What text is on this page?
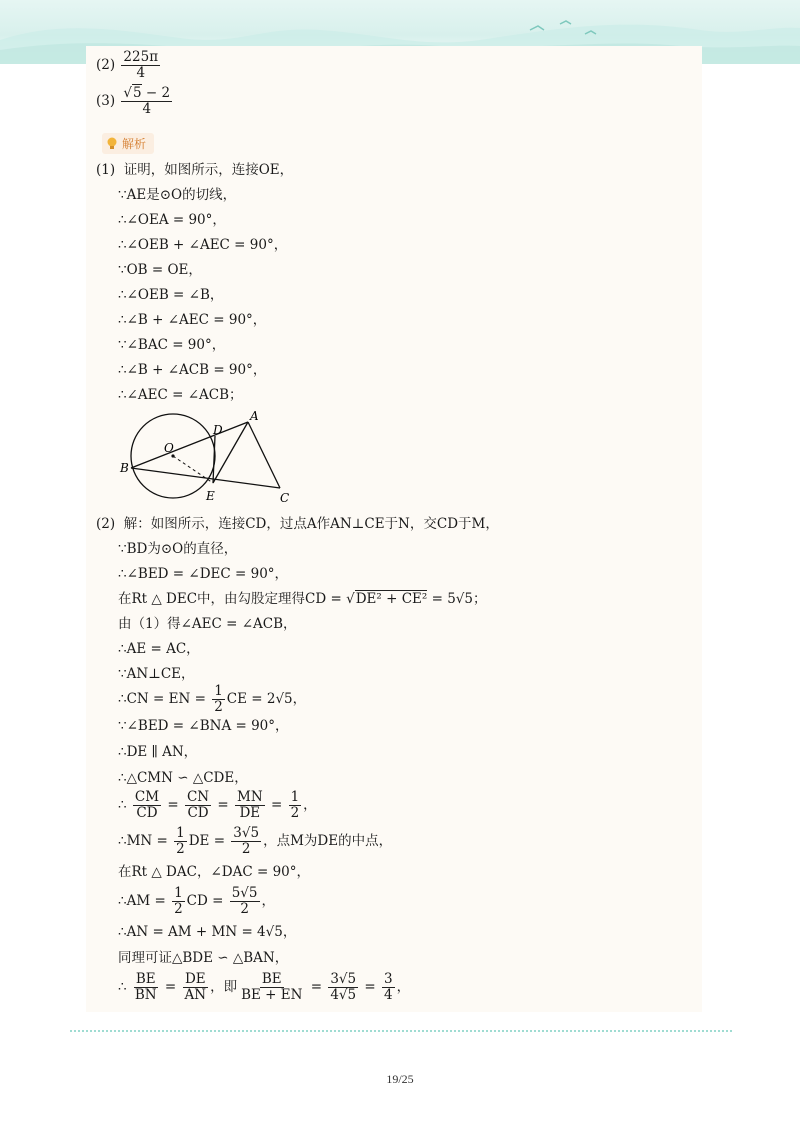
$(2) \frac{225\pi}{4}$
$(3) \frac{√5 - 2}{4}$
解析
(1) 证明，如图所示，连接OE，
∵AE是⊙O的切线，
∴∠OEA = 90°，
∴∠OEB + ∠AEC = 90°，
∵OB = OE，
∴∠OEB = ∠B，
∴∠B + ∠AEC = 90°，
∵∠BAC = 90°，
∴∠B + ∠ACB = 90°，
∴∠AEC = ∠ACB；
A
B
C
D
E
O
(2) 解：如图所示，连接CD，过点A作AN⊥CE于N，交CD于M，
∵BD为⊙O的直径，
∴∠BED = ∠DEC = 90°，
在Rt △ DEC中，由勾股定理得CD = √DE² + CE² = 5√5；
由（1）得∠AEC = ∠ACB，
∴AE = AC，
∵AN⊥CE，
∴CN = EN = $\frac{1}{2}$ CE = 2√5，
∵∠BED = ∠BNA = 90°，
∴DE ∥ AN，
∴△CMN ∽ △CDE，
∴ $\frac{CM}{CD} = \frac{CN}{CD} = \frac{MN}{DE} = \frac{1}{2}$ ，
∴MN = $\frac{1}{2}$ DE = $\frac{3√5}{2}$ ，点M为DE的中点，
在Rt △ DAC，∠DAC = 90°，
∴AM = $\frac{1}{2}$ CD = $\frac{5√5}{2}$ ，
∴AN = AM + MN = 4√5，
同理可证△BDE ∽ △BAN，
∴ $\frac{BE}{BN} = \frac{DE}{AN}$ ，即 $\frac{BE}{BE + EN} = \frac{3√5}{4√5} = \frac{3}{4}$ ，
19/25
